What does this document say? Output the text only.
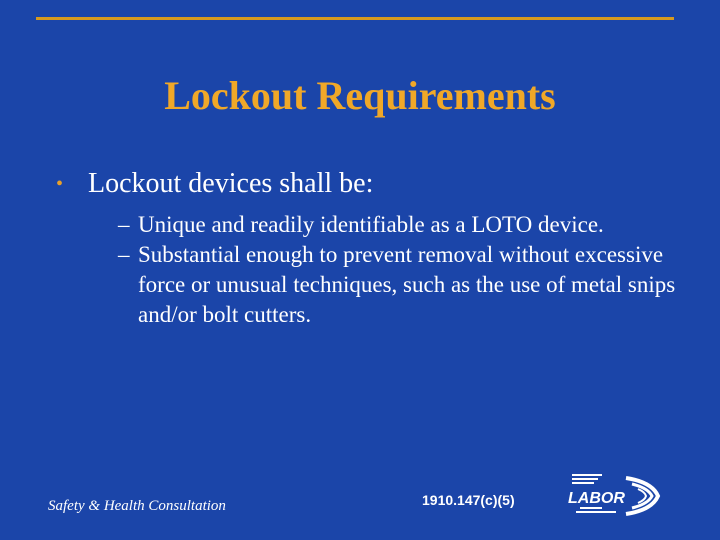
Lockout Requirements
• Lockout devices shall be:
– Unique and readily identifiable as a LOTO device.
– Substantial enough to prevent removal without excessive force or unusual techniques, such as the use of metal snips and/or bolt cutters.
Safety & Health Consultation	1910.147(c)(5)	LABOR
